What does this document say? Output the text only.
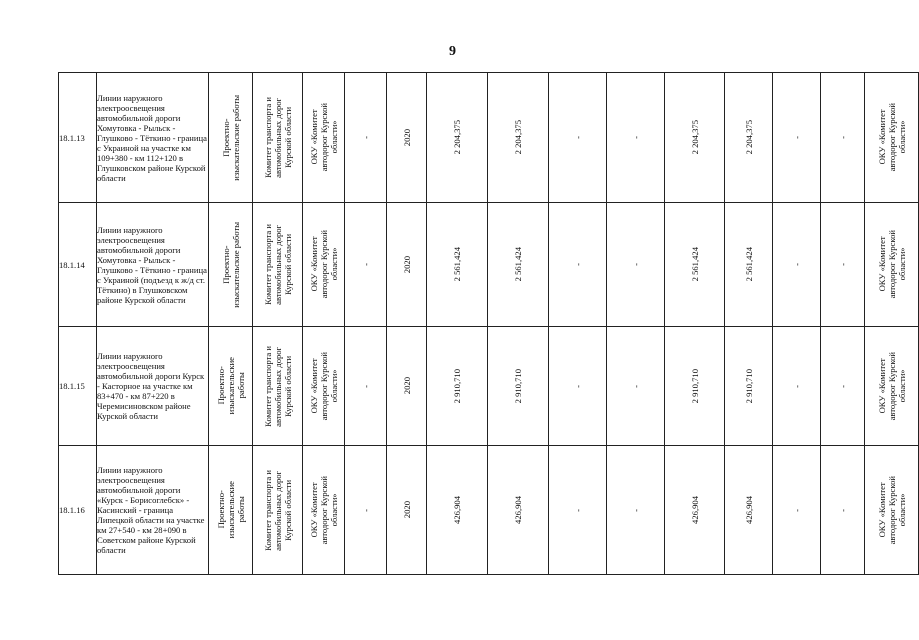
9
18.1.13	Линии наружного электроосвещения автомобильной дороги Хомутовка - Рыльск - Глушково - Тёткино - граница с Украиной на участке км 109+380 - км 112+120 в Глушковском районе Курской области	Проектно-
изыскательские работы	Комитет транспорта и
автомобильных дорог
Курской области	ОКУ «Комитет
автодорог Курской
области»	-	2020	2 204,375	2 204,375	-	-	2 204,375	2 204,375	-	-	ОКУ «Комитет
автодорог Курской
области»

18.1.14	Линии наружного электроосвещения автомобильной дороги Хомутовка - Рыльск - Глушково - Тёткино - граница с Украиной (подъезд к ж/д ст. Тёткино) в Глушковском районе Курской области	Проектно-
изыскательские работы	Комитет транспорта и
автомобильных дорог
Курской области	ОКУ «Комитет
автодорог Курской
области»	-	2020	2 561,424	2 561,424	-	-	2 561,424	2 561,424	-	-	ОКУ «Комитет
автодорог Курской
области»

18.1.15	Линии наружного электроосвещения автомобильной дороги Курск - Касторное на участке км 83+470 - км 87+220 в Черемисиновском районе Курской области	Проектно-
изыскательские
работы	Комитет транспорта и
автомобильных дорог
Курской области	ОКУ «Комитет
автодорог Курской
области»	-	2020	2 910,710	2 910,710	-	-	2 910,710	2 910,710	-	-	ОКУ «Комитет
автодорог Курской
области»

18.1.16	Линии наружного электроосвещения автомобильной дороги «Курск - Борисоглебск» - Касинский - граница Липецкой области на участке км 27+540 - км 28+090 в Советском районе Курской области	Проектно-
изыскательские
работы	Комитет транспорта и
автомобильных дорог
Курской области	ОКУ «Комитет
автодорог Курской
области»	-	2020	426,904	426,904	-	-	426,904	426,904	-	-	ОКУ «Комитет
автодорог Курской
области»
